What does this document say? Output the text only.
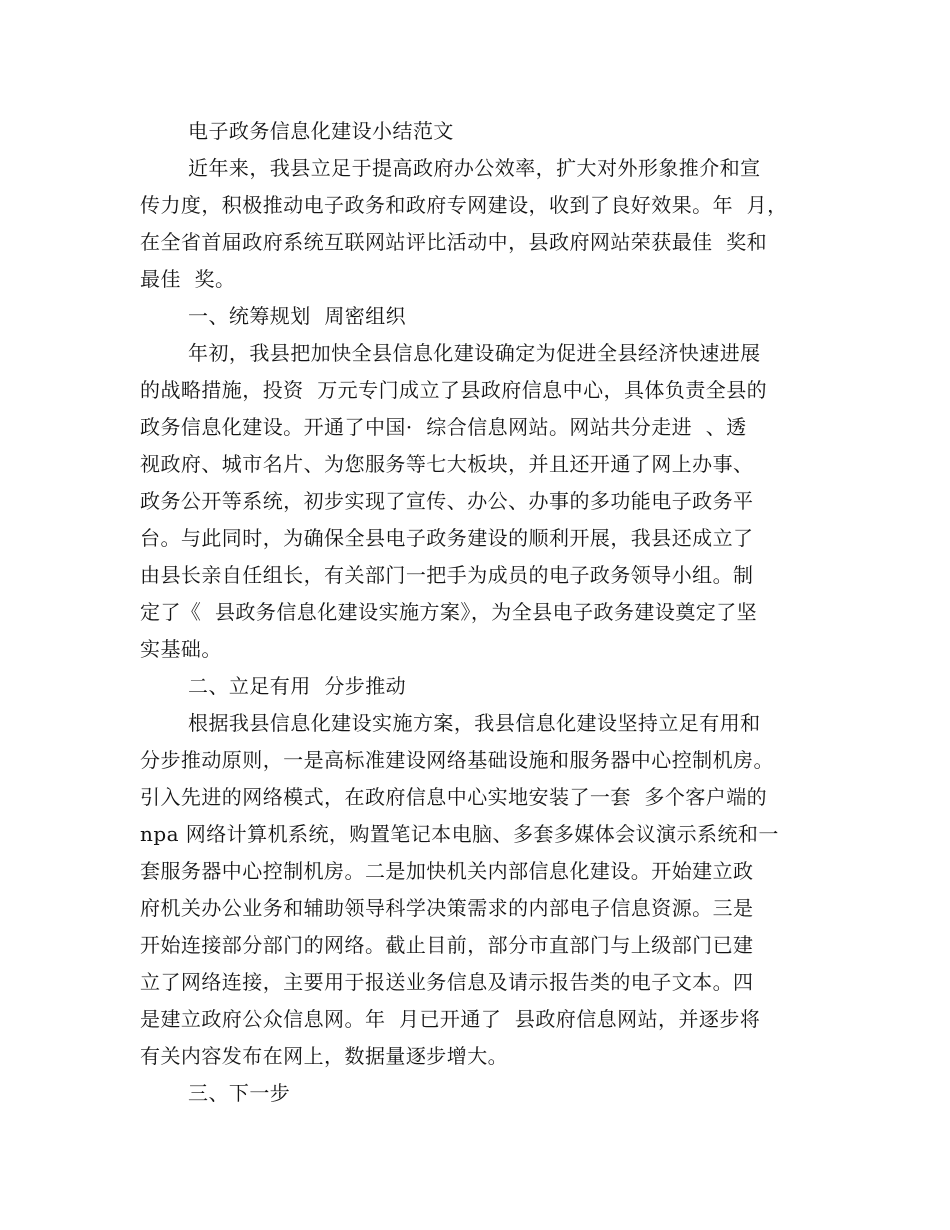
电子政务信息化建设小结范文
近年来，我县立足于提高政府办公效率，扩大对外形象推介和宣
传力度，积极推动电子政务和政府专网建设，收到了良好效果。年  月，
在全省首届政府系统互联网站评比活动中，县政府网站荣获最佳  奖和
最佳  奖。
一、统筹规划  周密组织
年初，我县把加快全县信息化建设确定为促进全县经济快速进展
的战略措施，投资  万元专门成立了县政府信息中心，具体负责全县的
政务信息化建设。开通了中国·  综合信息网站。网站共分走进  、透
视政府、城市名片、为您服务等七大板块，并且还开通了网上办事、
政务公开等系统，初步实现了宣传、办公、办事的多功能电子政务平
台。与此同时，为确保全县电子政务建设的顺利开展，我县还成立了
由县长亲自任组长，有关部门一把手为成员的电子政务领导小组。制
定了《  县政务信息化建设实施方案》，为全县电子政务建设奠定了坚
实基础。
二、立足有用  分步推动
根据我县信息化建设实施方案，我县信息化建设坚持立足有用和
分步推动原则，一是高标准建设网络基础设施和服务器中心控制机房。
引入先进的网络模式，在政府信息中心实地安装了一套  多个客户端的
npa 网络计算机系统，购置笔记本电脑、多套多媒体会议演示系统和一
套服务器中心控制机房。二是加快机关内部信息化建设。开始建立政
府机关办公业务和辅助领导科学决策需求的内部电子信息资源。三是
开始连接部分部门的网络。截止目前，部分市直部门与上级部门已建
立了网络连接，主要用于报送业务信息及请示报告类的电子文本。四
是建立政府公众信息网。年  月已开通了  县政府信息网站，并逐步将
有关内容发布在网上，数据量逐步增大。
三、下一步
